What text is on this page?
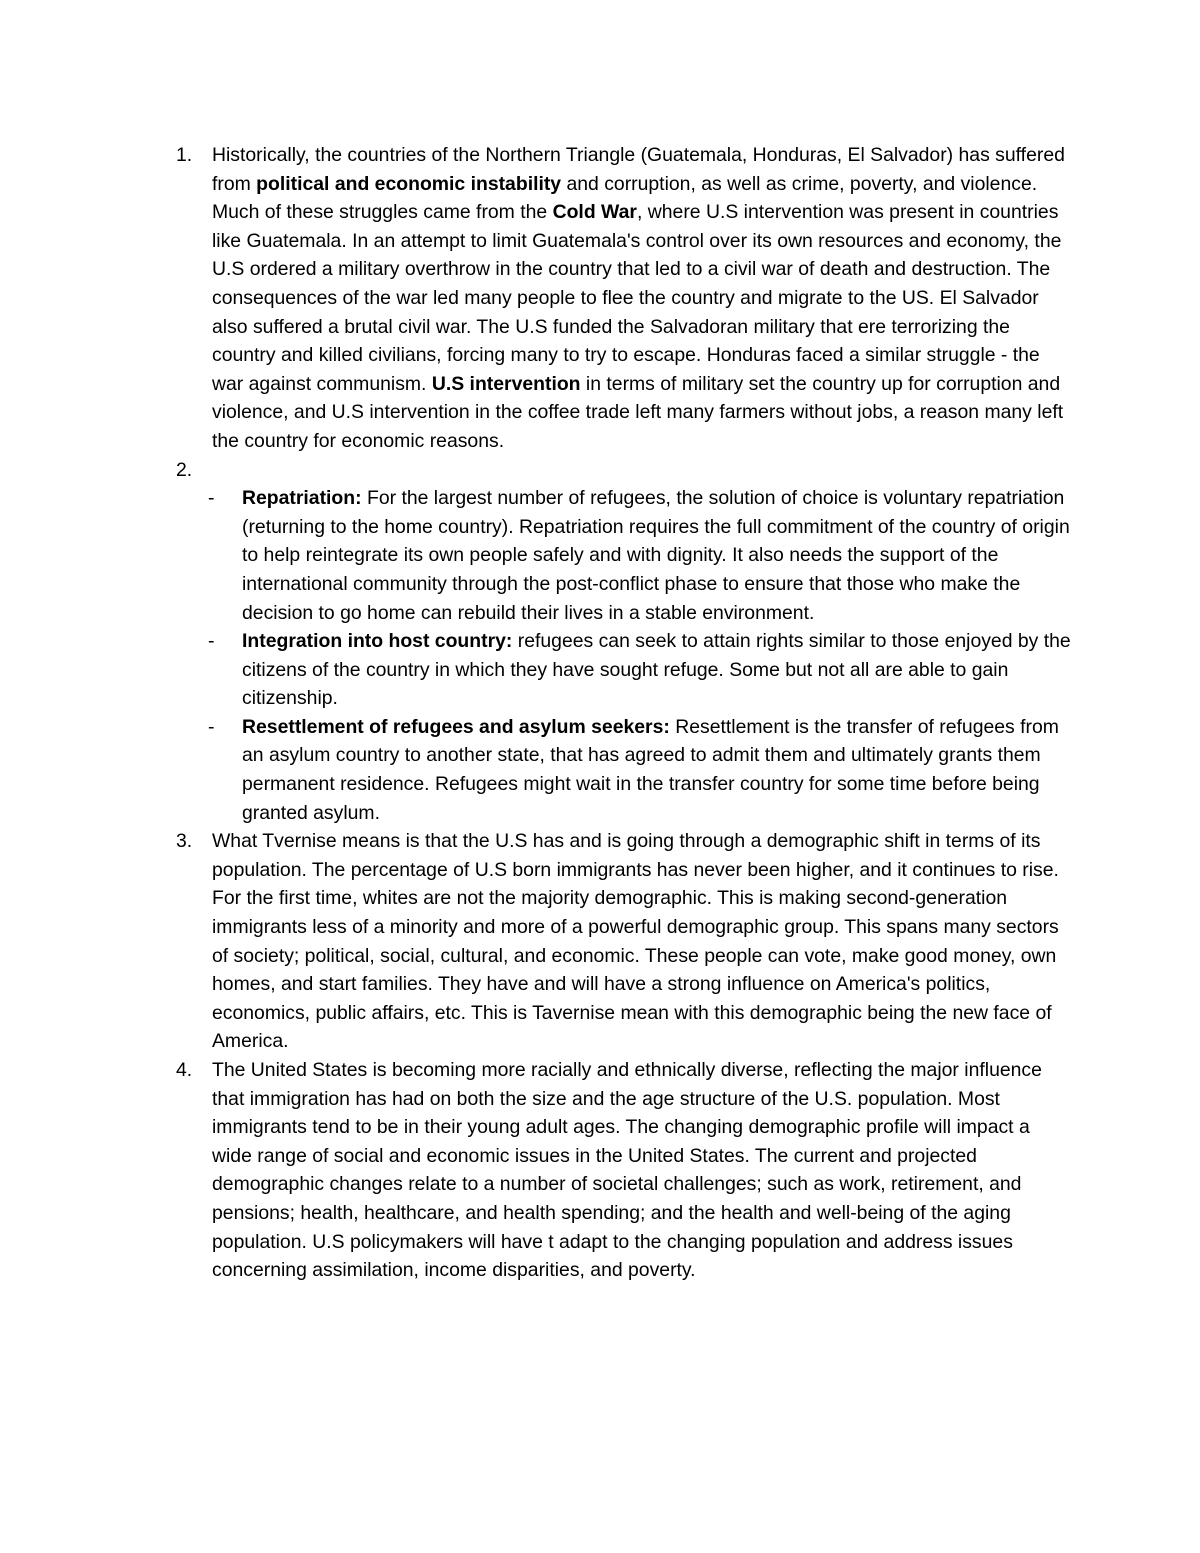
1. Historically, the countries of the Northern Triangle (Guatemala, Honduras, El Salvador) has suffered from political and economic instability and corruption, as well as crime, poverty, and violence. Much of these struggles came from the Cold War, where U.S intervention was present in countries like Guatemala. In an attempt to limit Guatemala's control over its own resources and economy, the U.S ordered a military overthrow in the country that led to a civil war of death and destruction. The consequences of the war led many people to flee the country and migrate to the US. El Salvador also suffered a brutal civil war. The U.S funded the Salvadoran military that ere terrorizing the country and killed civilians, forcing many to try to escape. Honduras faced a similar struggle - the war against communism. U.S intervention in terms of military set the country up for corruption and violence, and U.S intervention in the coffee trade left many farmers without jobs, a reason many left the country for economic reasons.
2.

- Repatriation: For the largest number of refugees, the solution of choice is voluntary repatriation (returning to the home country). Repatriation requires the full commitment of the country of origin to help reintegrate its own people safely and with dignity. It also needs the support of the international community through the post-conflict phase to ensure that those who make the decision to go home can rebuild their lives in a stable environment.
- Integration into host country: refugees can seek to attain rights similar to those enjoyed by the citizens of the country in which they have sought refuge. Some but not all are able to gain citizenship.
- Resettlement of refugees and asylum seekers: Resettlement is the transfer of refugees from an asylum country to another state, that has agreed to admit them and ultimately grants them permanent residence. Refugees might wait in the transfer country for some time before being granted asylum.
3. What Tvernise means is that the U.S has and is going through a demographic shift in terms of its population. The percentage of U.S born immigrants has never been higher, and it continues to rise. For the first time, whites are not the majority demographic. This is making second-generation immigrants less of a minority and more of a powerful demographic group. This spans many sectors of society; political, social, cultural, and economic. These people can vote, make good money, own homes, and start families. They have and will have a strong influence on America's politics, economics, public affairs, etc. This is Tavernise mean with this demographic being the new face of America.
4. The United States is becoming more racially and ethnically diverse, reflecting the major influence that immigration has had on both the size and the age structure of the U.S. population. Most immigrants tend to be in their young adult ages. The changing demographic profile will impact a wide range of social and economic issues in the United States. The current and projected demographic changes relate to a number of societal challenges; such as work, retirement, and pensions; health, healthcare, and health spending; and the health and well-being of the aging population. U.S policymakers will have t adapt to the changing population and address issues concerning assimilation, income disparities, and poverty.
